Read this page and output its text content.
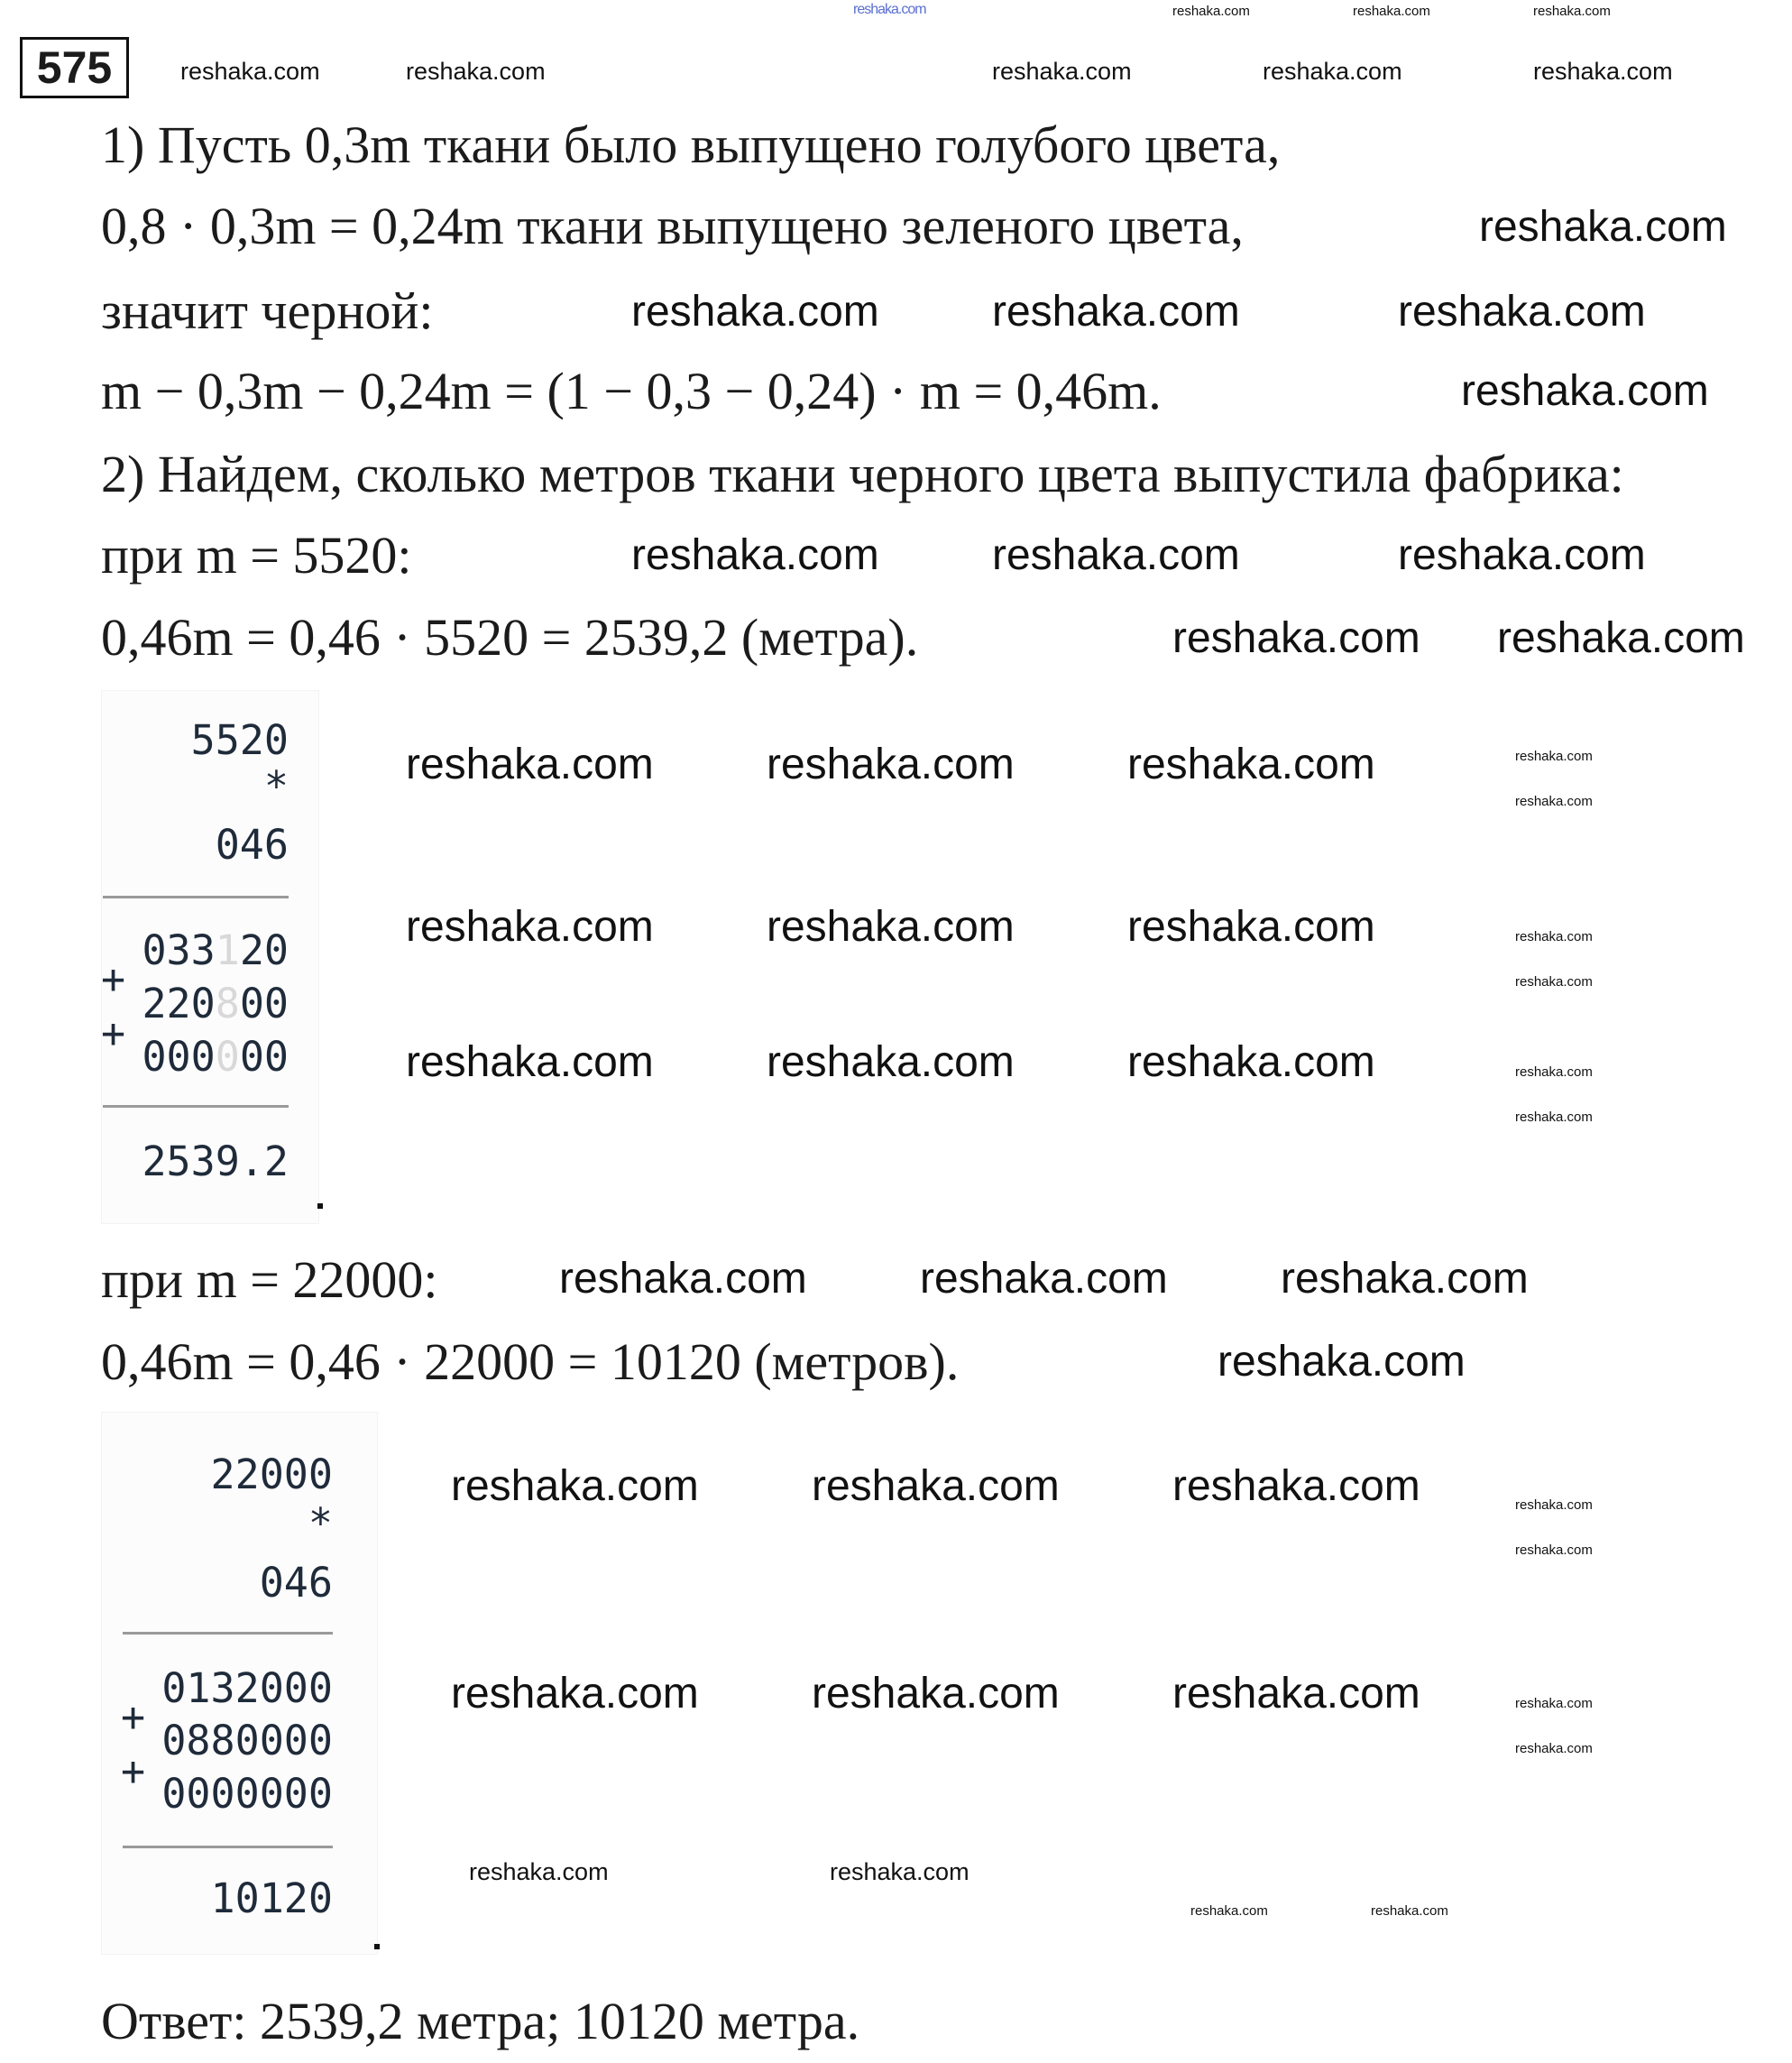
reshaka.com
575
1) Пусть 0,3m ткани было выпущено голубого цвета,
0,8 · 0,3m = 0,24m ткани выпущено зеленого цвета,
значит черной:
m − 0,3m − 0,24m = (1 − 0,3 − 0,24) · m = 0,46m.
2) Найдем, сколько метров ткани черного цвета выпустила фабрика:
при m = 5520:
0,46m = 0,46 · 5520 = 2539,2 (метра).
5520
*
046
033120
+
220800
+ 000000
2539.2
при m = 22000:
0,46m = 0,46 · 22000 = 10120 (метров).
22000
*
046
0132000
+ 0880000
+ 0000000
10120
Ответ: 2539,2 метра; 10120 метра.
reshaka.com
reshaka.com	reshaka.com	reshaka.com
reshaka.com
reshaka.com	reshaka.com	reshaka.com
reshaka.com reshaka.com
reshaka.com	reshaka.com	reshaka.com
reshaka.com	reshaka.com	reshaka.com
reshaka.com	reshaka.com	reshaka.com
reshaka.com	reshaka.com	reshaka.com
reshaka.com
reshaka.com	reshaka.com	reshaka.com
reshaka.com	reshaka.com	reshaka.com
reshaka.com	reshaka.com	reshaka.com	reshaka.com	reshaka.com
reshaka.com	reshaka.com
reshaka.com	reshaka.com	reshaka.com
reshaka.com
reshaka.com
reshaka.com
reshaka.com
reshaka.com
reshaka.com
reshaka.com
reshaka.com
reshaka.com
reshaka.com
reshaka.com	reshaka.com
